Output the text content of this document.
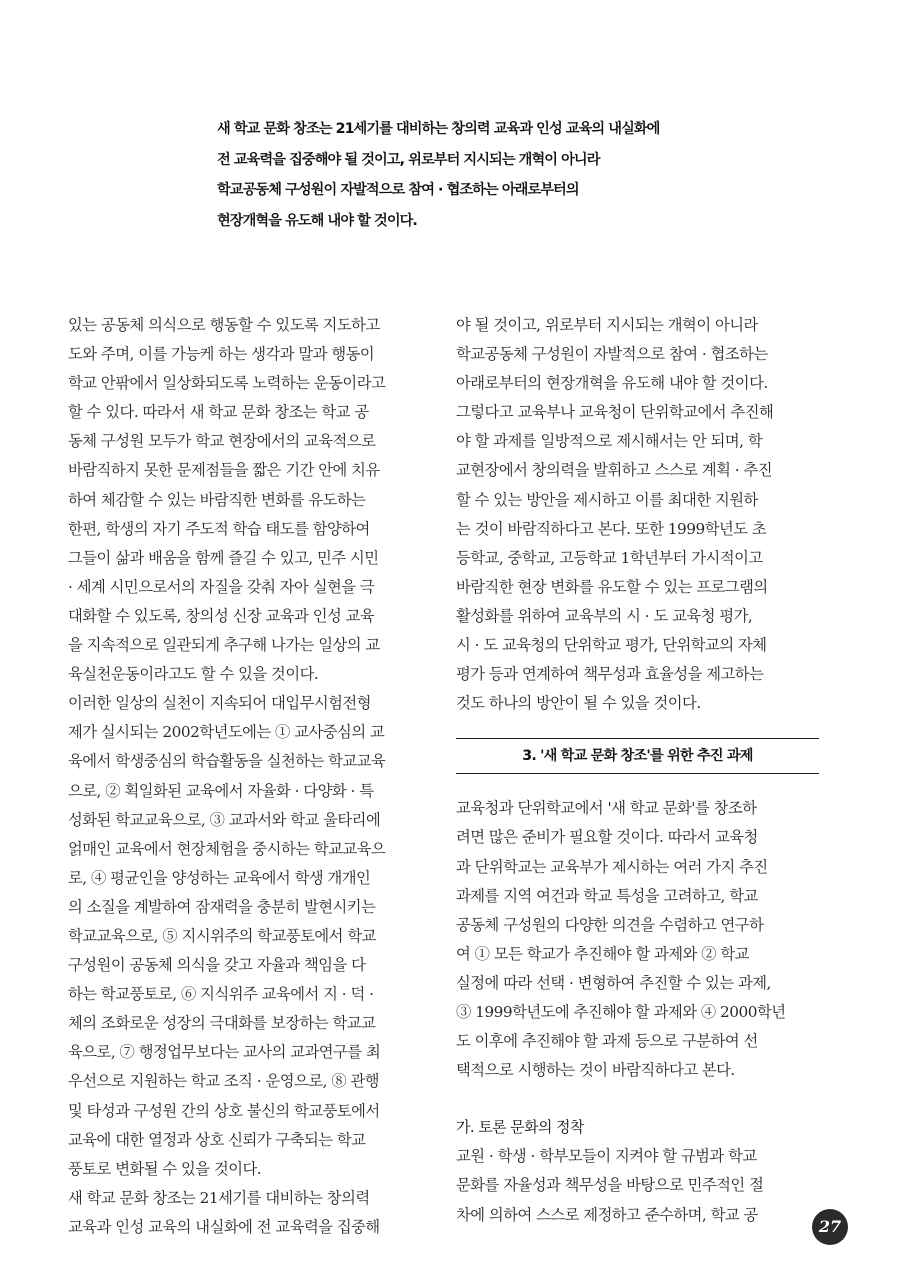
새 학교 문화 창조는 21세기를 대비하는 창의력 교육과 인성 교육의 내실화에
전 교육력을 집중해야 될 것이고, 위로부터 지시되는 개혁이 아니라
학교공동체 구성원이 자발적으로 참여 · 협조하는 아래로부터의
현장개혁을 유도해 내야 할 것이다.
있는 공동체 의식으로 행동할 수 있도록 지도하고
도와 주며, 이를 가능케 하는 생각과 말과 행동이
학교 안팎에서 일상화되도록 노력하는 운동이라고
할 수 있다. 따라서 새 학교 문화 창조는 학교 공
동체 구성원 모두가 학교 현장에서의 교육적으로
바람직하지 못한 문제점들을 짧은 기간 안에 치유
하여 체감할 수 있는 바람직한 변화를 유도하는
한편, 학생의 자기 주도적 학습 태도를 함양하여
그들이 삶과 배움을 함께 즐길 수 있고, 민주 시민
· 세계 시민으로서의 자질을 갖춰 자아 실현을 극
대화할 수 있도록, 창의성 신장 교육과 인성 교육
을 지속적으로 일관되게 추구해 나가는 일상의 교
육실천운동이라고도 할 수 있을 것이다.
이러한 일상의 실천이 지속되어 대입무시험전형
제가 실시되는 2002학년도에는 ① 교사중심의 교
육에서 학생중심의 학습활동을 실천하는 학교교육
으로, ② 획일화된 교육에서 자율화 · 다양화 · 특
성화된 학교교육으로, ③ 교과서와 학교 울타리에
얽매인 교육에서 현장체험을 중시하는 학교교육으
로, ④ 평균인을 양성하는 교육에서 학생 개개인
의 소질을 계발하여 잠재력을 충분히 발현시키는
학교교육으로, ⑤ 지시위주의 학교풍토에서 학교
구성원이 공동체 의식을 갖고 자율과 책임을 다
하는 학교풍토로, ⑥ 지식위주 교육에서 지 · 덕 ·
체의 조화로운 성장의 극대화를 보장하는 학교교
육으로, ⑦ 행정업무보다는 교사의 교과연구를 최
우선으로 지원하는 학교 조직 · 운영으로, ⑧ 관행
및 타성과 구성원 간의 상호 불신의 학교풍토에서
교육에 대한 열정과 상호 신뢰가 구축되는 학교
풍토로 변화될 수 있을 것이다.
새 학교 문화 창조는 21세기를 대비하는 창의력
교육과 인성 교육의 내실화에 전 교육력을 집중해
야 될 것이고, 위로부터 지시되는 개혁이 아니라
학교공동체 구성원이 자발적으로 참여 · 협조하는
아래로부터의 현장개혁을 유도해 내야 할 것이다.
그렇다고 교육부나 교육청이 단위학교에서 추진해
야 할 과제를 일방적으로 제시해서는 안 되며, 학
교현장에서 창의력을 발휘하고 스스로 계획 · 추진
할 수 있는 방안을 제시하고 이를 최대한 지원하
는 것이 바람직하다고 본다. 또한 1999학년도 초
등학교, 중학교, 고등학교 1학년부터 가시적이고
바람직한 현장 변화를 유도할 수 있는 프로그램의
활성화를 위하여 교육부의 시 · 도 교육청 평가,
시 · 도 교육청의 단위학교 평가, 단위학교의 자체
평가 등과 연계하여 책무성과 효율성을 제고하는
것도 하나의 방안이 될 수 있을 것이다.
3. '새 학교 문화 창조'를 위한 추진 과제
교육청과 단위학교에서 '새 학교 문화'를 창조하
려면 많은 준비가 필요할 것이다. 따라서 교육청
과 단위학교는 교육부가 제시하는 여러 가지 추진
과제를 지역 여건과 학교 특성을 고려하고, 학교
공동체 구성원의 다양한 의견을 수렴하고 연구하
여 ① 모든 학교가 추진해야 할 과제와 ② 학교
실정에 따라 선택 · 변형하여 추진할 수 있는 과제,
③ 1999학년도에 추진해야 할 과제와 ④ 2000학년
도 이후에 추진해야 할 과제 등으로 구분하여 선
택적으로 시행하는 것이 바람직하다고 본다.
가. 토론 문화의 정착
교원 · 학생 · 학부모들이 지켜야 할 규범과 학교
문화를 자율성과 책무성을 바탕으로 민주적인 절
차에 의하여 스스로 제정하고 준수하며, 학교 공
27
